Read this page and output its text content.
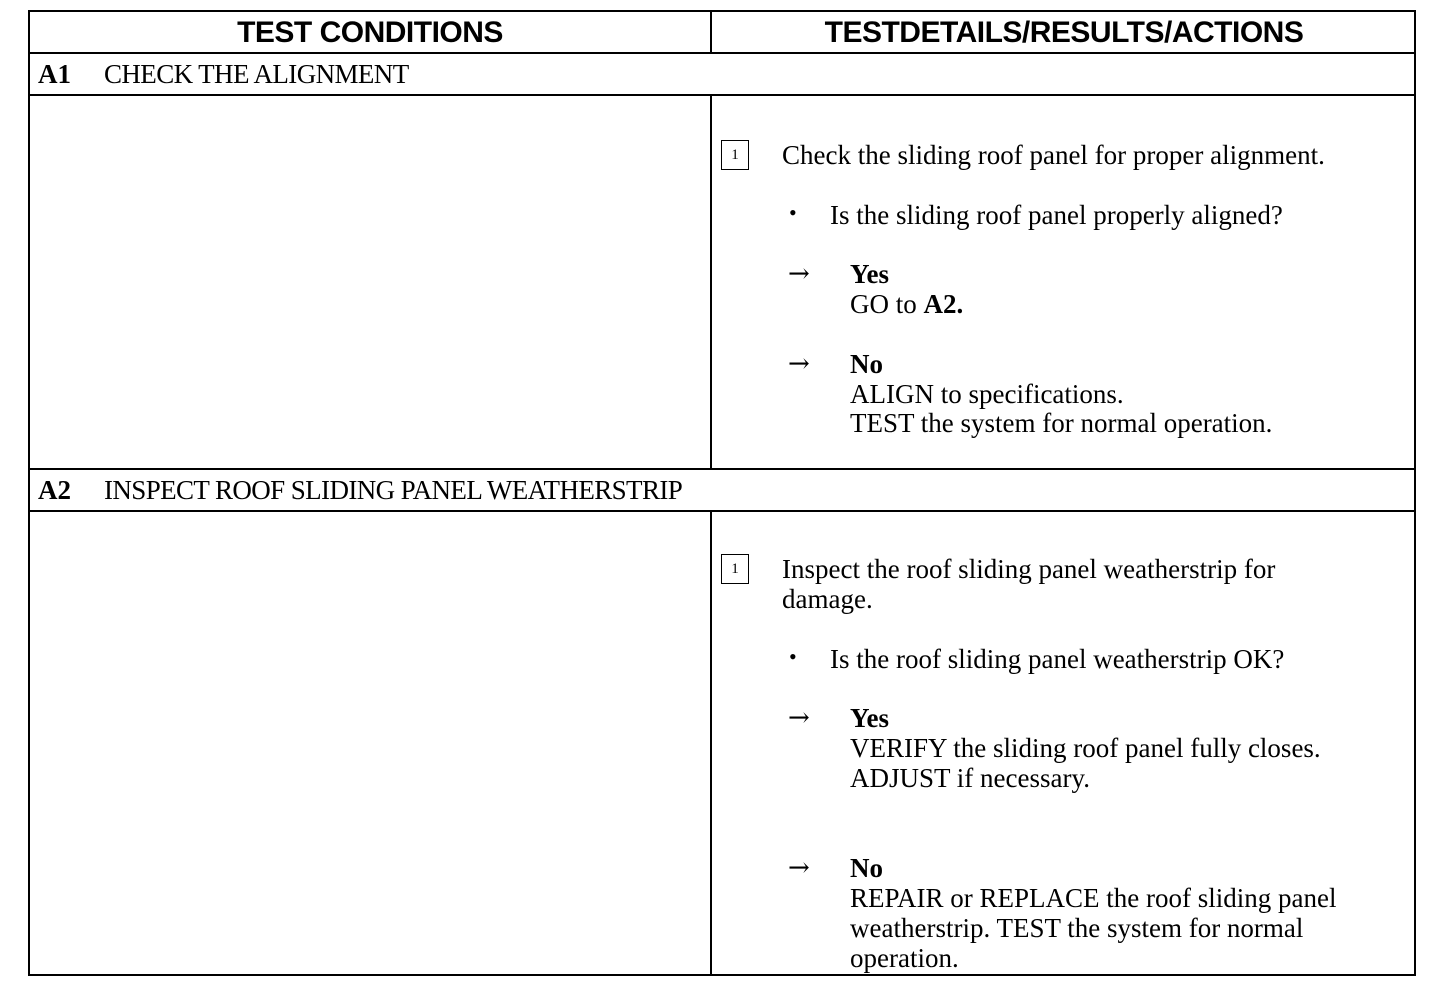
TEST CONDITIONS	TESTDETAILS/RESULTS/ACTIONS
A1 CHECK THE ALIGNMENT
1	Check the sliding roof panel for proper alignment.
• Is the sliding roof panel properly aligned?
→ Yes
GO to A2.
→ No
ALIGN to specifications.
TEST the system for normal operation.
A2 INSPECT ROOF SLIDING PANEL WEATHERSTRIP
1	Inspect the roof sliding panel weatherstrip for
damage.
• Is the roof sliding panel weatherstrip OK?
→ Yes
VERIFY the sliding roof panel fully closes.
ADJUST if necessary.
→ No
REPAIR or REPLACE the roof sliding panel
weatherstrip. TEST the system for normal
operation.
